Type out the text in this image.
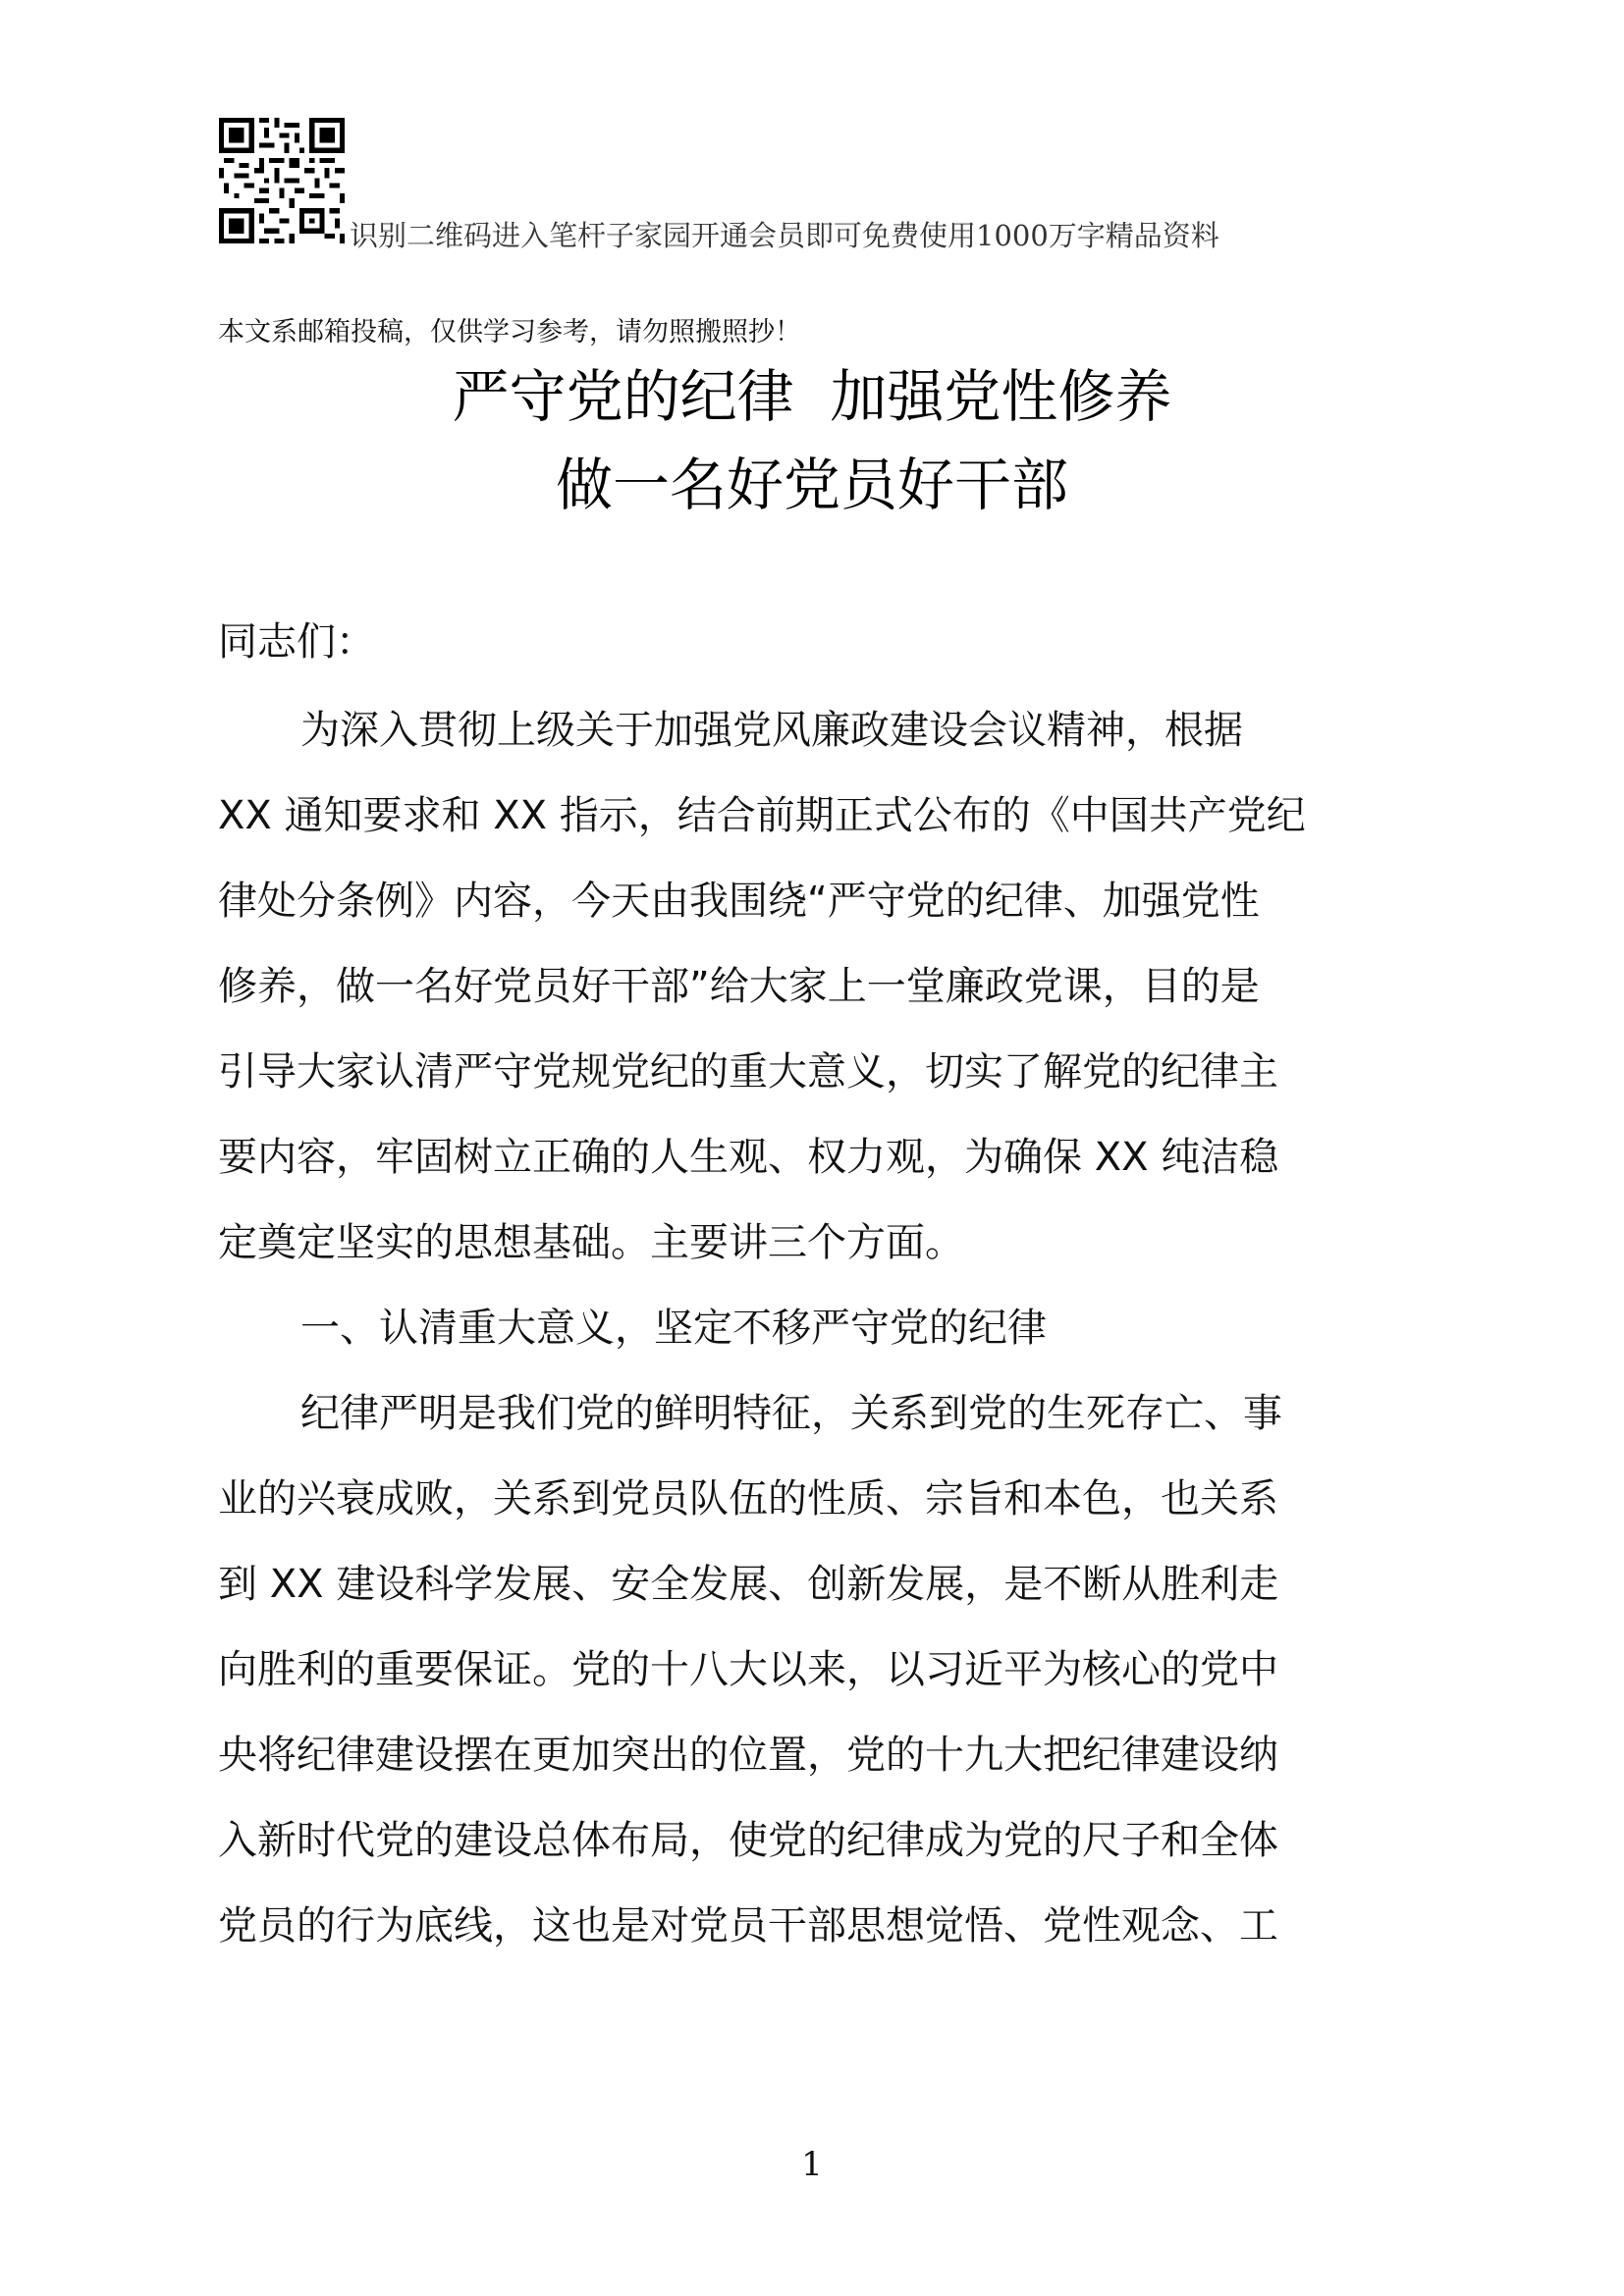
识别二维码进入笔杆子家园开通会员即可免费使用1000万字精品资料
本文系邮箱投稿，仅供学习参考，请勿照搬照抄！
严守党的纪律  加强党性修养
做一名好党员好干部
同志们：
为深入贯彻上级关于加强党风廉政建设会议精神，根据
XX 通知要求和 XX 指示，结合前期正式公布的《中国共产党纪
律处分条例》内容，今天由我围绕“严守党的纪律、加强党性
修养，做一名好党员好干部”给大家上一堂廉政党课，目的是
引导大家认清严守党规党纪的重大意义，切实了解党的纪律主
要内容，牢固树立正确的人生观、权力观，为确保 XX 纯洁稳
定奠定坚实的思想基础。主要讲三个方面。
一、认清重大意义，坚定不移严守党的纪律
纪律严明是我们党的鲜明特征，关系到党的生死存亡、事
业的兴衰成败，关系到党员队伍的性质、宗旨和本色，也关系
到 XX 建设科学发展、安全发展、创新发展，是不断从胜利走
向胜利的重要保证。党的十八大以来，以习近平为核心的党中
央将纪律建设摆在更加突出的位置，党的十九大把纪律建设纳
入新时代党的建设总体布局，使党的纪律成为党的尺子和全体
党员的行为底线，这也是对党员干部思想觉悟、党性观念、工
1
